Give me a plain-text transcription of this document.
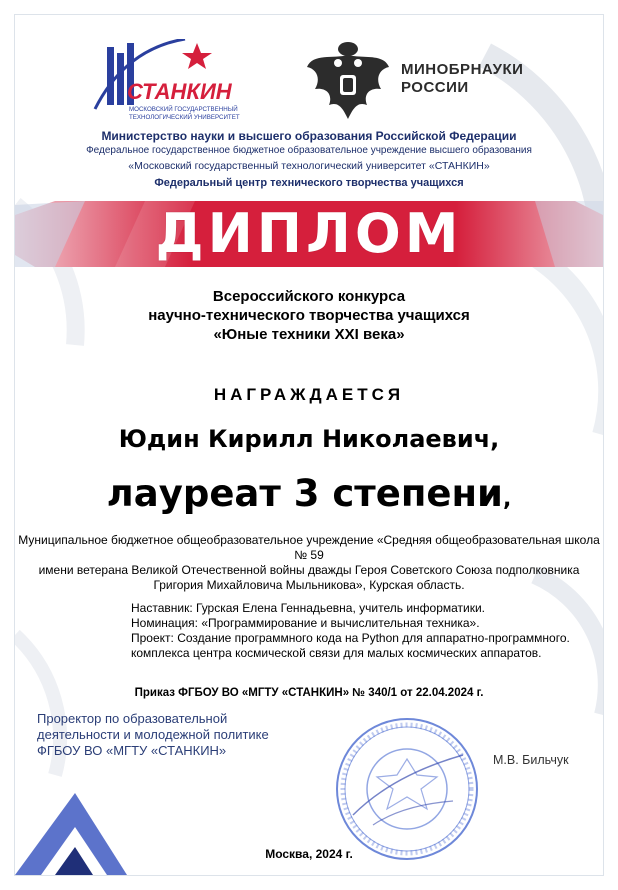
СТАНКИН
МОСКОВСКИЙ ГОСУДАРСТВЕННЫЙ
ТЕХНОЛОГИЧЕСКИЙ УНИВЕРСИТЕТ
МИНОБРНАУКИ
РОССИИ
Министерство науки и высшего образования Российской Федерации
Федеральное государственное бюджетное образовательное учреждение высшего образования
«Московский государственный технологический университет «СТАНКИН»
Федеральный центр технического творчества учащихся
ДИПЛОМ
Всероссийского конкурса
научно-технического творчества учащихся
«Юные техники XXI века»
НАГРАЖДАЕТСЯ
Юдин Кирилл Николаевич,
лауреат 3 степени,
Муниципальное бюджетное общеобразовательное учреждение «Средняя общеобразовательная школа № 59
имени ветерана Великой Отечественной войны дважды Героя Советского Союза подполковника
Григория Михайловича Мыльникова», Курская область.
Наставник: Гурская Елена Геннадьевна, учитель информатики.
Номинация: «Программирование и вычислительная техника».
Проект: Создание программного кода на Python для аппаратно-программного.
комплекса центра космической связи для малых космических аппаратов.
Приказ ФГБОУ ВО «МГТУ «СТАНКИН» № 340/1 от 22.04.2024 г.
Проректор по образовательной
деятельности и молодежной политике
ФГБОУ ВО «МГТУ «СТАНКИН»
М.В. Бильчук
Москва, 2024 г.
